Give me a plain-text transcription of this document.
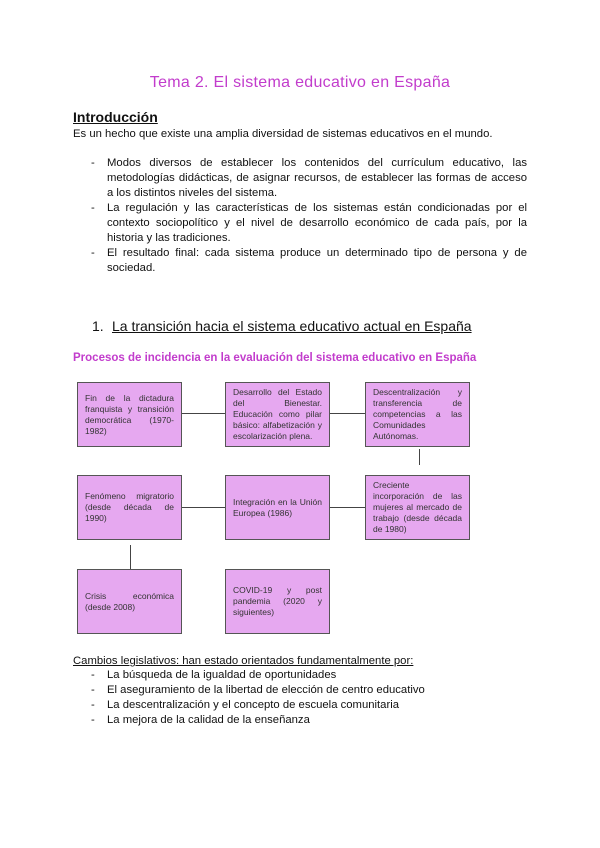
Tema 2. El sistema educativo en España
Introducción
Es un hecho que existe una amplia diversidad de sistemas educativos en el mundo.
- Modos diversos de establecer los contenidos del currículum educativo, las metodologías didácticas, de asignar recursos, de establecer las formas de acceso a los distintos niveles del sistema.
- La regulación y las características de los sistemas están condicionadas por el contexto sociopolítico y el nivel de desarrollo económico de cada país, por la historia y las tradiciones.
- El resultado final: cada sistema produce un determinado tipo de persona y de sociedad.
1. La transición hacia el sistema educativo actual en España
Procesos de incidencia en la evaluación del sistema educativo en España
Fin de la dictadura franquista y transición democrática (1970-1982)
Desarrollo del Estado del Bienestar. Educación como pilar básico: alfabetización y escolarización plena.
Descentralización y transferencia de competencias a las Comunidades Autónomas.
Fenómeno migratorio (desde década de 1990)
Integración en la Unión Europea (1986)
Creciente incorporación de las mujeres al mercado de trabajo (desde década de 1980)
Crisis económica (desde 2008)
COVID-19 y post pandemia (2020 y siguientes)
Cambios legislativos: han estado orientados fundamentalmente por:
- La búsqueda de la igualdad de oportunidades
- El aseguramiento de la libertad de elección de centro educativo
- La descentralización y el concepto de escuela comunitaria
- La mejora de la calidad de la enseñanza
